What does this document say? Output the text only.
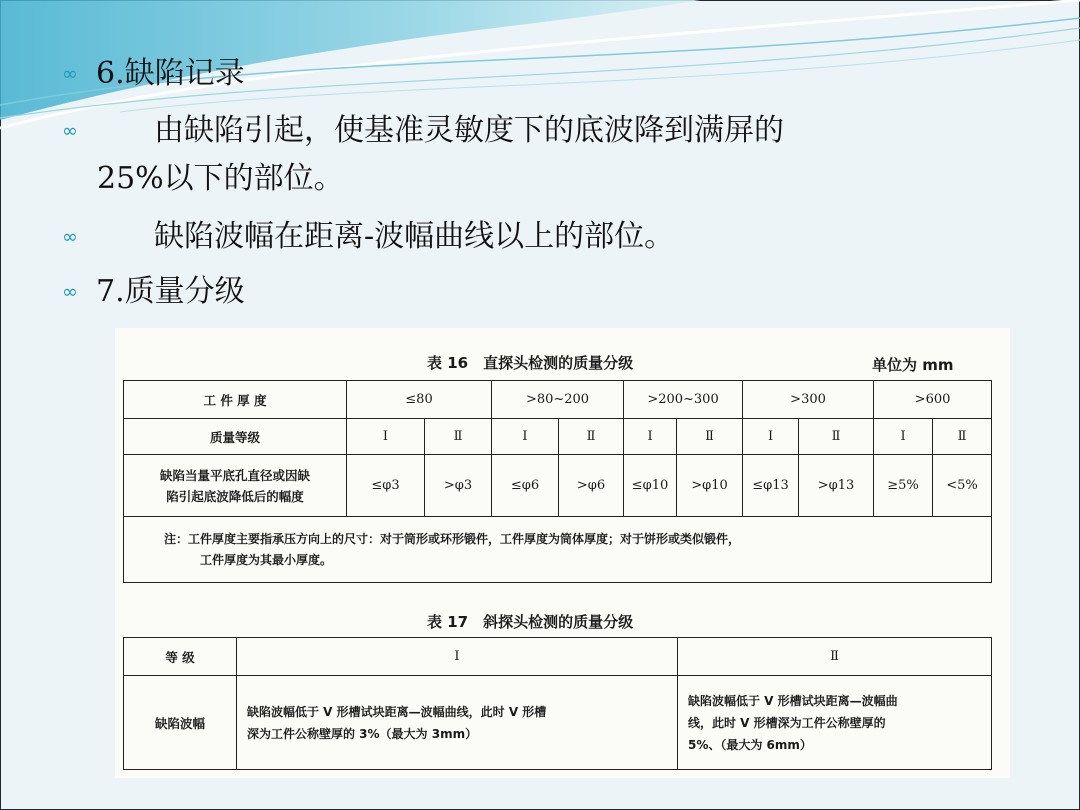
∞ 6.缺陷记录
∞	由缺陷引起，使基准灵敏度下的底波降到满屏的
25%以下的部位。
∞	缺陷波幅在距离-波幅曲线以上的部位。
∞ 7.质量分级
表 16　直探头检测的质量分级	单位为 mm
工 件 厚 度	≤80		>80~200		>200~300		>300		>600	
质量等级	Ⅰ	Ⅱ	Ⅰ	Ⅱ	Ⅰ	Ⅱ	Ⅰ	Ⅱ	Ⅰ	Ⅱ
缺陷当量平底孔直径或因缺
陷引起底波降低后的幅度	≤φ3	>φ3	≤φ6	>φ6	≤φ10	>φ10	≤φ13	>φ13	≥5%	<5%
注：工件厚度主要指承压方向上的尺寸：对于筒形或环形锻件，工件厚度为筒体厚度；对于饼形或类似锻件，
工件厚度为其最小厚度。										
表 17　斜探头检测的质量分级
等 级	Ⅰ	Ⅱ
缺陷波幅	缺陷波幅低于 V 形槽试块距离—波幅曲线，此时 V 形槽
深为工件公称壁厚的 3%（最大为 3mm）	缺陷波幅低于 V 形槽试块距离—波幅曲
线，此时 V 形槽深为工件公称壁厚的
5%、（最大为 6mm）
